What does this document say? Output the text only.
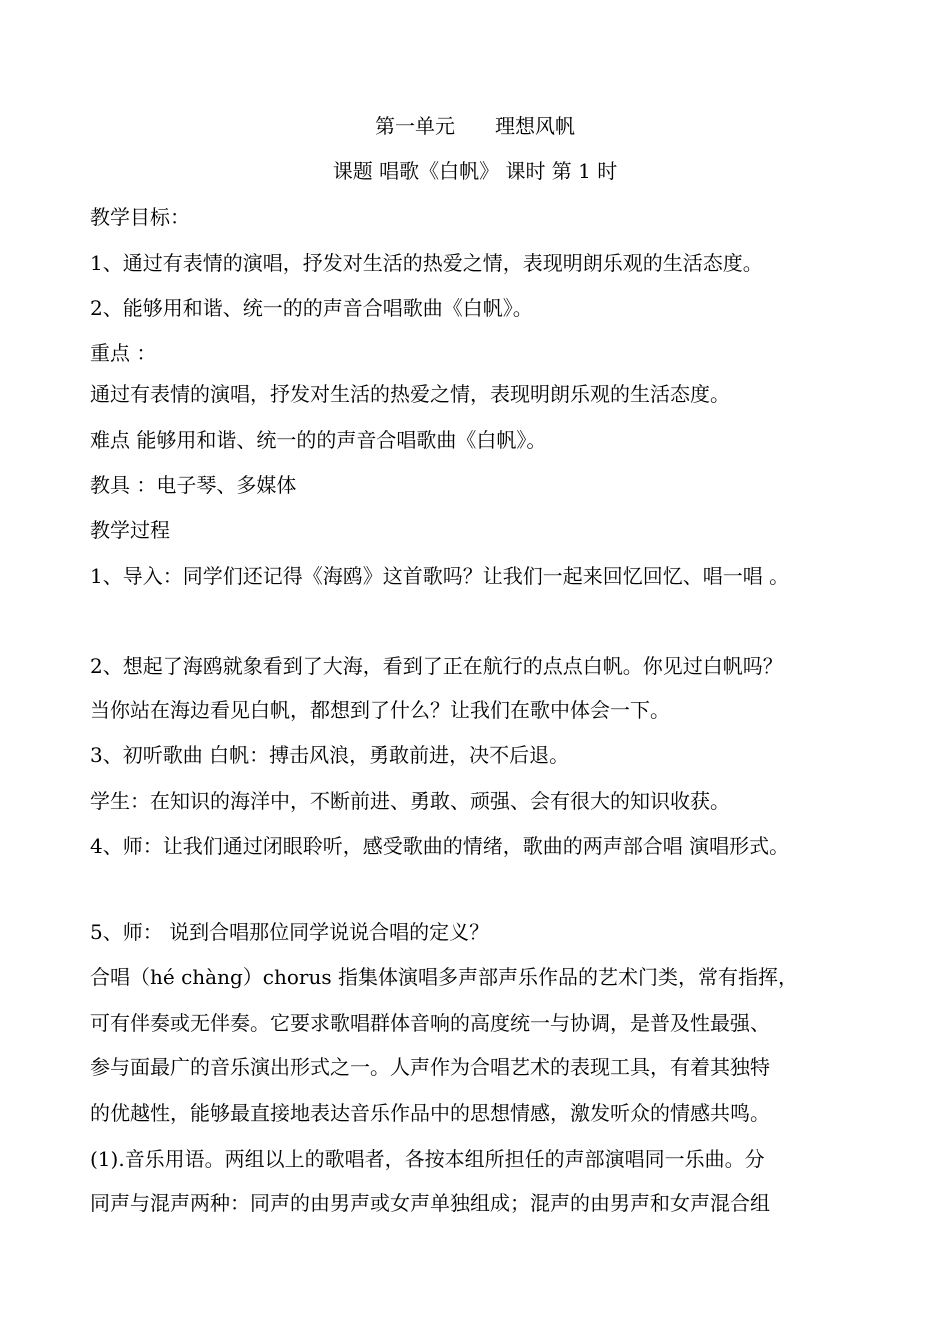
第一单元 理想风帆
课题 唱歌《白帆》 课时 第 1 时
教学目标：
1、通过有表情的演唱，抒发对生活的热爱之情，表现明朗乐观的生活态度。
2、能够用和谐、统一的的声音合唱歌曲《白帆》。
重点 ：
通过有表情的演唱，抒发对生活的热爱之情，表现明朗乐观的生活态度。
难点 能够用和谐、统一的的声音合唱歌曲《白帆》。
教具 ：电子琴、多媒体
教学过程
1、导入：同学们还记得《海鸥》这首歌吗？让我们一起来回忆回忆、唱一唱 。
2、想起了海鸥就象看到了大海，看到了正在航行的点点白帆。你见过白帆吗？
当你站在海边看见白帆，都想到了什么？让我们在歌中体会一下。
3、初听歌曲 白帆：搏击风浪，勇敢前进，决不后退。
学生：在知识的海洋中，不断前进、勇敢、顽强、会有很大的知识收获。
4、师：让我们通过闭眼聆听，感受歌曲的情绪，歌曲的两声部合唱 演唱形式。
5、师： 说到合唱那位同学说说合唱的定义？
合唱（hé chàng）chorus 指集体演唱多声部声乐作品的艺术门类，常有指挥，
可有伴奏或无伴奏。它要求歌唱群体音响的高度统一与协调，是普及性最强、
参与面最广的音乐演出形式之一。人声作为合唱艺术的表现工具，有着其独特
的优越性，能够最直接地表达音乐作品中的思想情感，激发听众的情感共鸣。
(1).音乐用语。两组以上的歌唱者，各按本组所担任的声部演唱同一乐曲。分
同声与混声两种：同声的由男声或女声单独组成；混声的由男声和女声混合组
